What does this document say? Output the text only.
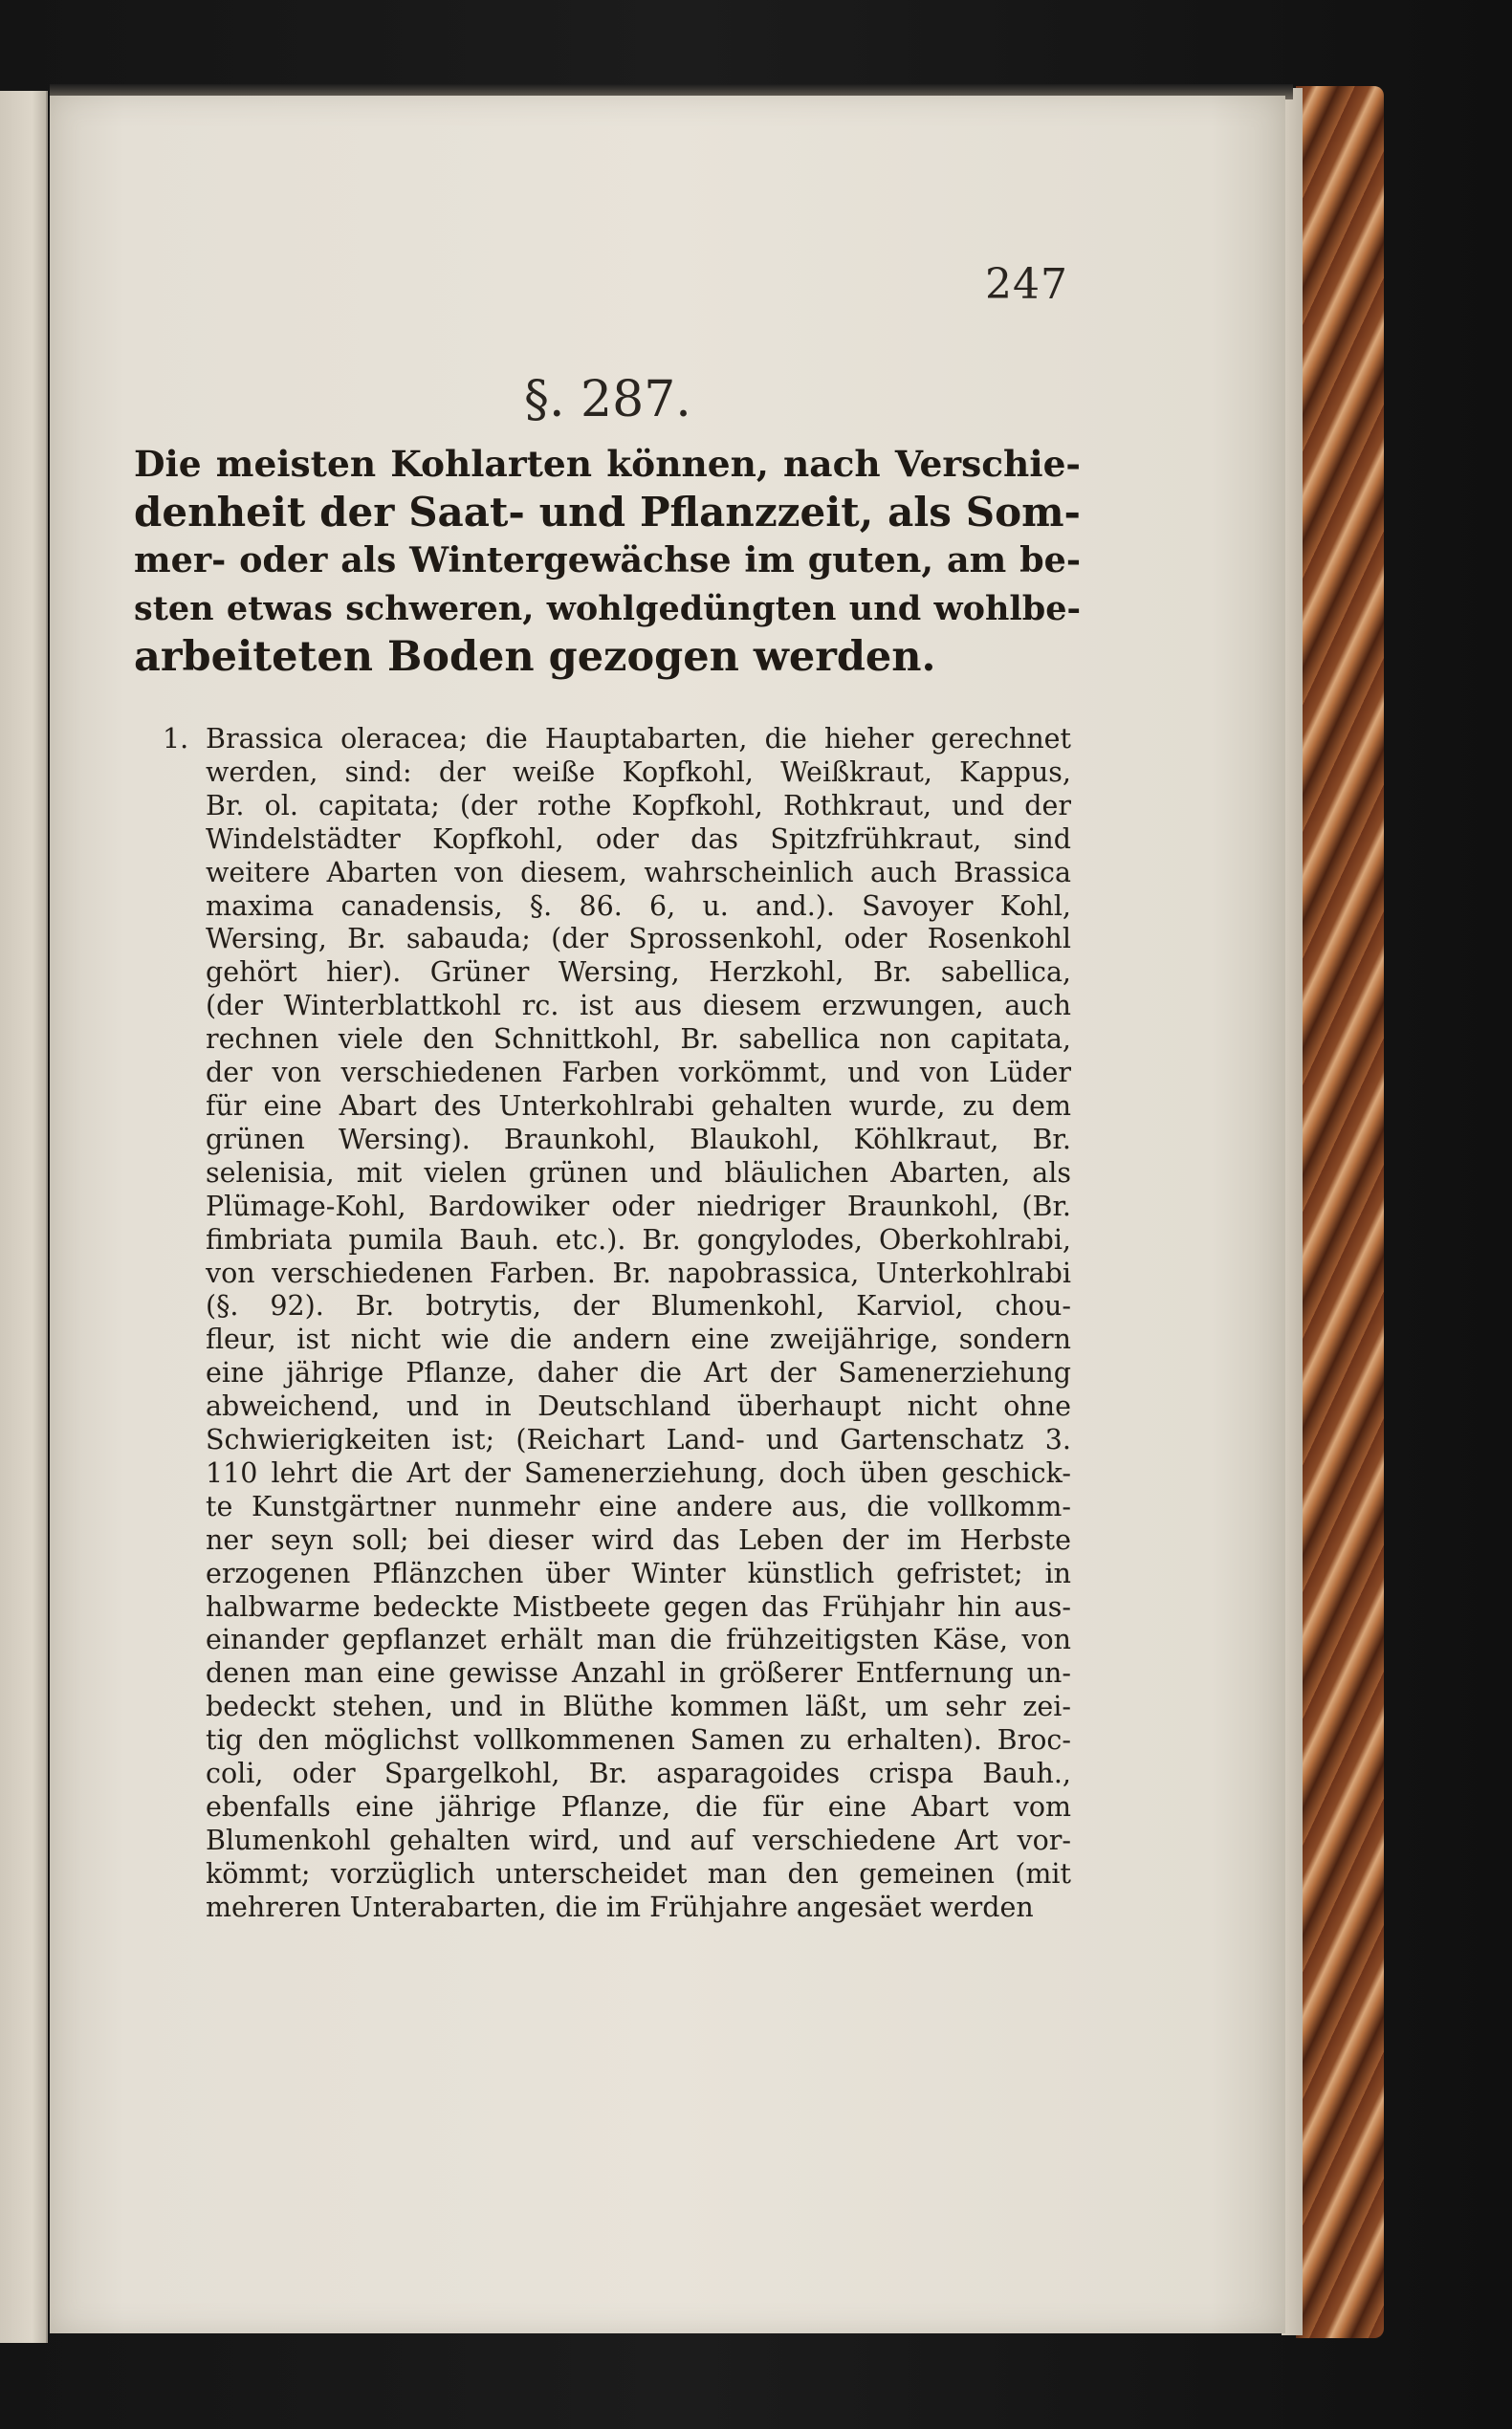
247
§. 287.
Die meisten Kohlarten können, nach Verschie-
denheit der Saat- und Pflanzzeit, als Som-
mer- oder als Wintergewächse im guten, am be-
sten etwas schweren, wohlgedüngten und wohlbe-
arbeiteten Boden gezogen werden.
1. Brassica oleracea; die Hauptabarten, die hieher gerechnet
werden, sind: der weiße Kopfkohl, Weißkraut, Kappus,
Br. ol. capitata; (der rothe Kopfkohl, Rothkraut, und der
Windelstädter Kopfkohl, oder das Spitzfrühkraut, sind
weitere Abarten von diesem, wahrscheinlich auch Brassica
maxima canadensis, §. 86. 6, u. and.). Savoyer Kohl,
Wersing, Br. sabauda; (der Sprossenkohl, oder Rosenkohl
gehört hier). Grüner Wersing, Herzkohl, Br. sabellica,
(der Winterblattkohl rc. ist aus diesem erzwungen, auch
rechnen viele den Schnittkohl, Br. sabellica non capitata,
der von verschiedenen Farben vorkömmt, und von Lüder
für eine Abart des Unterkohlrabi gehalten wurde, zu dem
grünen Wersing). Braunkohl, Blaukohl, Köhlkraut, Br.
selenisia, mit vielen grünen und bläulichen Abarten, als
Plümage-Kohl, Bardowiker oder niedriger Braunkohl, (Br.
fimbriata pumila Bauh. etc.). Br. gongylodes, Oberkohlrabi,
von verschiedenen Farben. Br. napobrassica, Unterkohlrabi
(§. 92). Br. botrytis, der Blumenkohl, Karviol, chou-
fleur, ist nicht wie die andern eine zweijährige, sondern
eine jährige Pflanze, daher die Art der Samenerziehung
abweichend, und in Deutschland überhaupt nicht ohne
Schwierigkeiten ist; (Reichart Land- und Gartenschatz 3.
110 lehrt die Art der Samenerziehung, doch üben geschick-
te Kunstgärtner nunmehr eine andere aus, die vollkomm-
ner seyn soll; bei dieser wird das Leben der im Herbste
erzogenen Pflänzchen über Winter künstlich gefristet; in
halbwarme bedeckte Mistbeete gegen das Frühjahr hin aus-
einander gepflanzet erhält man die frühzeitigsten Käse, von
denen man eine gewisse Anzahl in größerer Entfernung un-
bedeckt stehen, und in Blüthe kommen läßt, um sehr zei-
tig den möglichst vollkommenen Samen zu erhalten). Broc-
coli, oder Spargelkohl, Br. asparagoides crispa Bauh.,
ebenfalls eine jährige Pflanze, die für eine Abart vom
Blumenkohl gehalten wird, und auf verschiedene Art vor-
kömmt; vorzüglich unterscheidet man den gemeinen (mit
mehreren Unterabarten, die im Frühjahre angesäet werden
